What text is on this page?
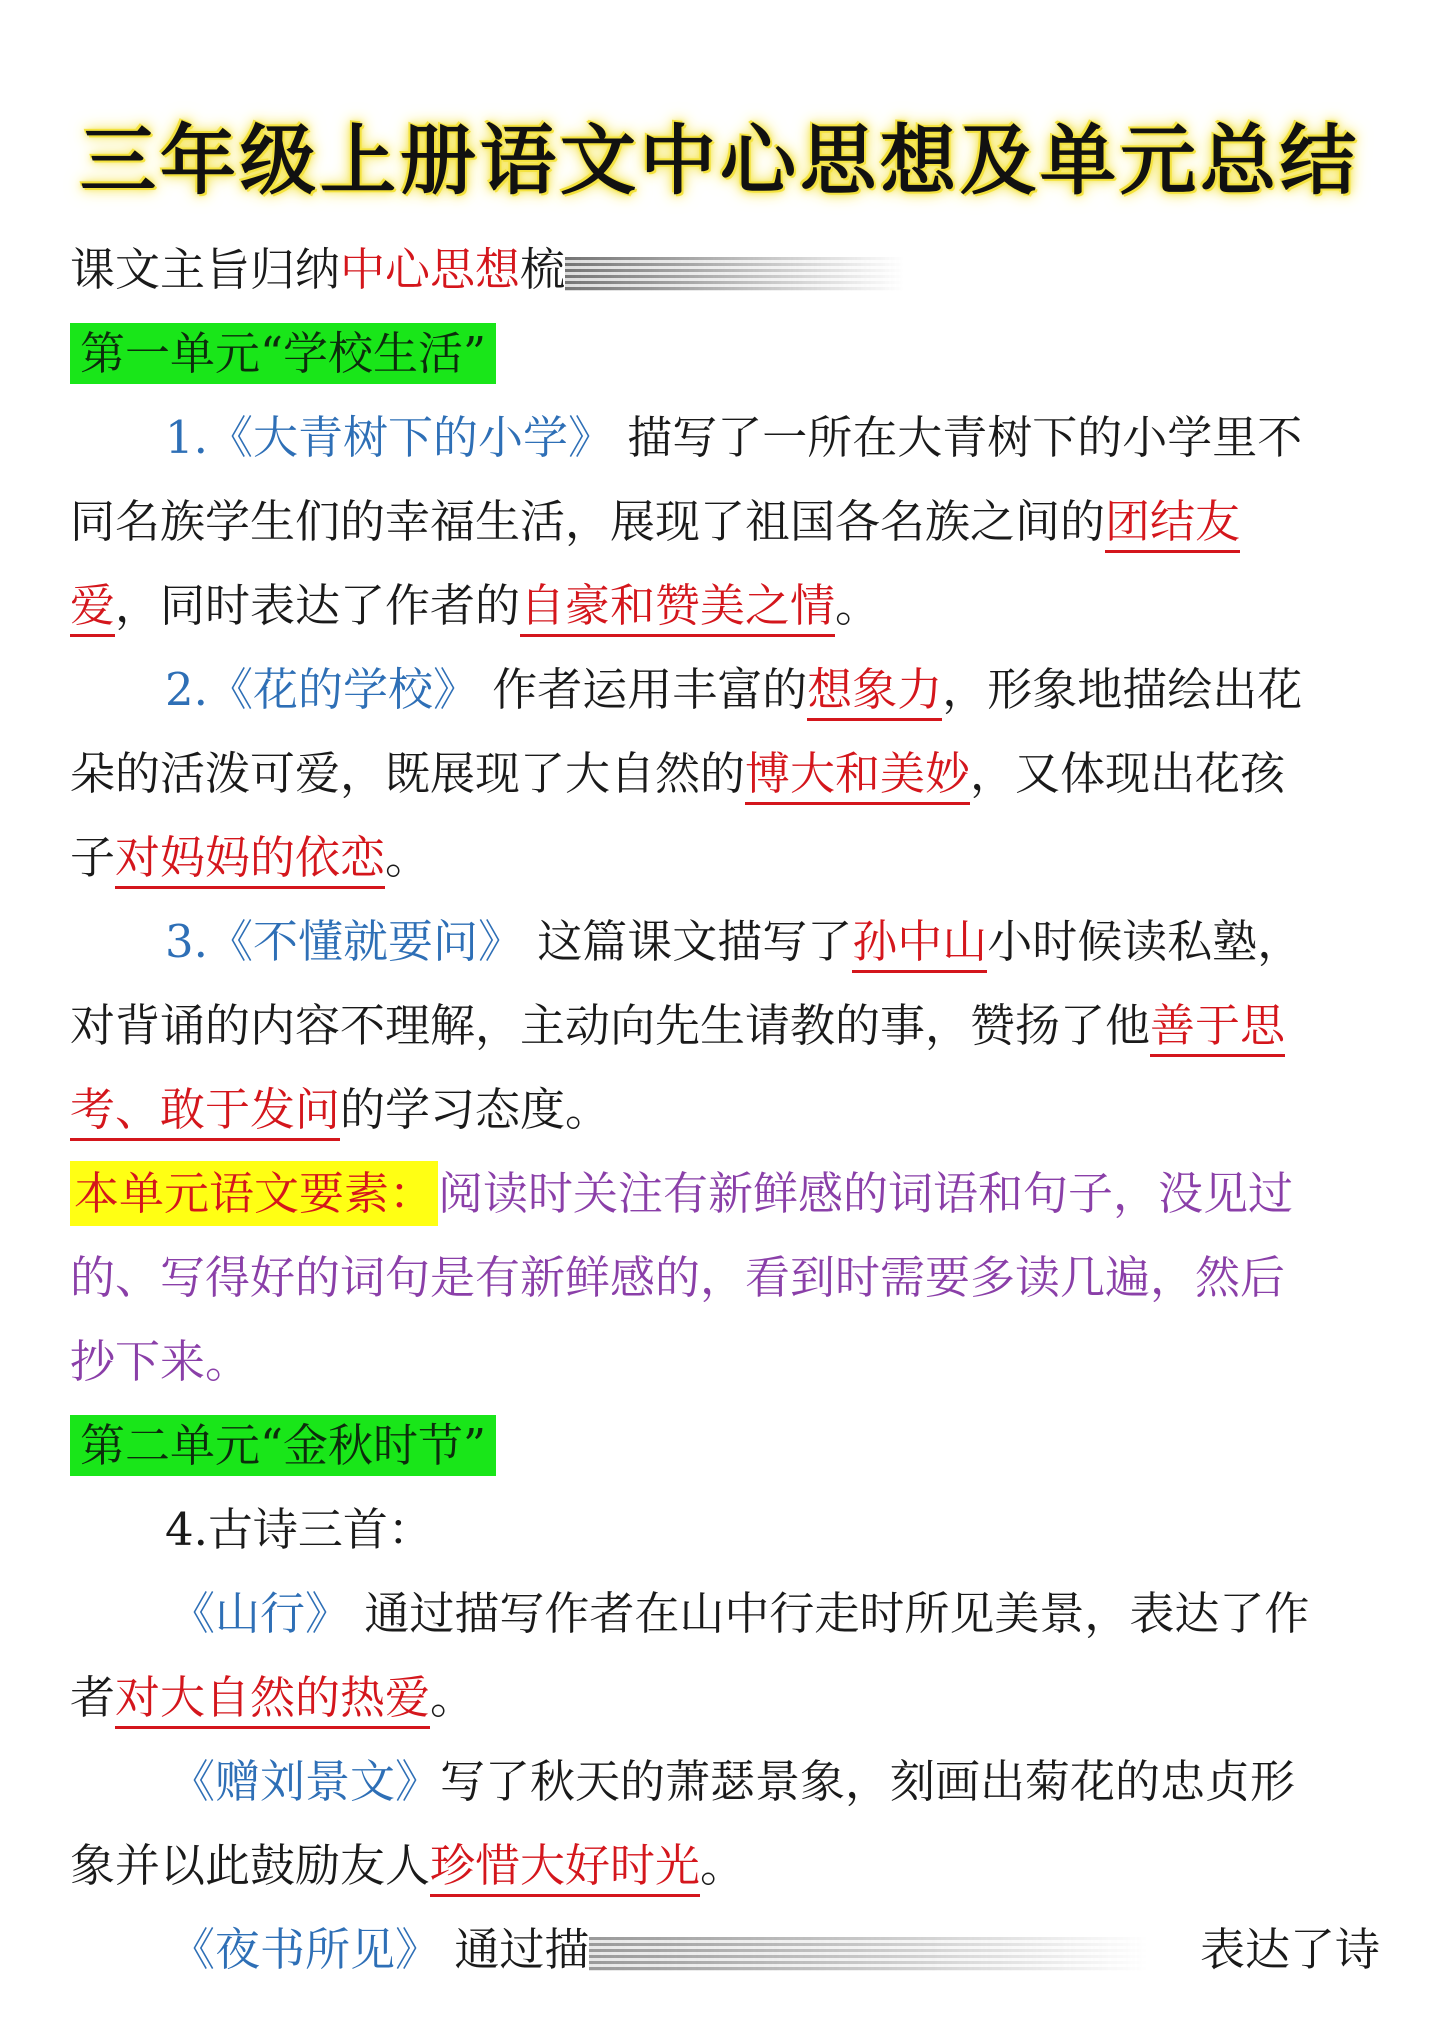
三年级上册语文中心思想及单元总结
课文主旨归纳中心思想梳
第一单元“学校生活”
1.《大青树下的小学》 描写了一所在大青树下的小学里不
同名族学生们的幸福生活，展现了祖国各名族之间的团结友
爱，同时表达了作者的自豪和赞美之情。
2.《花的学校》 作者运用丰富的想象力，形象地描绘出花
朵的活泼可爱，既展现了大自然的博大和美妙，又体现出花孩
子对妈妈的依恋。
3.《不懂就要问》 这篇课文描写了孙中山小时候读私塾，
对背诵的内容不理解，主动向先生请教的事，赞扬了他善于思
考、敢于发问的学习态度。
本单元语文要素：阅读时关注有新鲜感的词语和句子，没见过
的、写得好的词句是有新鲜感的，看到时需要多读几遍，然后
抄下来。
第二单元“金秋时节”
4.古诗三首：
《山行》 通过描写作者在山中行走时所见美景，表达了作
者对大自然的热爱。
《赠刘景文》写了秋天的萧瑟景象，刻画出菊花的忠贞形
象并以此鼓励友人珍惜大好时光。
《夜书所见》 通过描	表达了诗
